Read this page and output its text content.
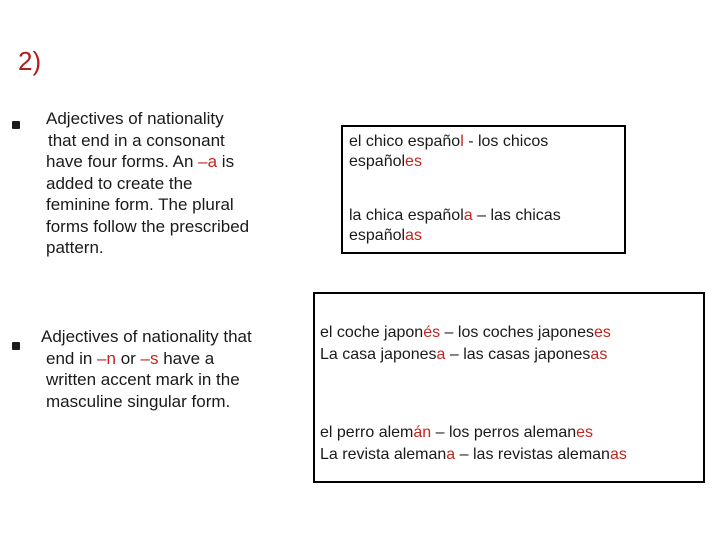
2)
Adjectives of nationality
that end in a consonant
have four forms. An –a is
added to create the
feminine form. The plural
forms follow the prescribed
pattern.
Adjectives of nationality that
end in –n or –s have a
written accent mark in the
masculine singular form.
el chico español - los chicos
españoles
la chica española – las chicas
españolas
el coche japonés – los coches japoneses
La casa japonesa – las casas japonesas
el perro alemán – los perros alemanes
La revista alemana – las revistas alemanas
